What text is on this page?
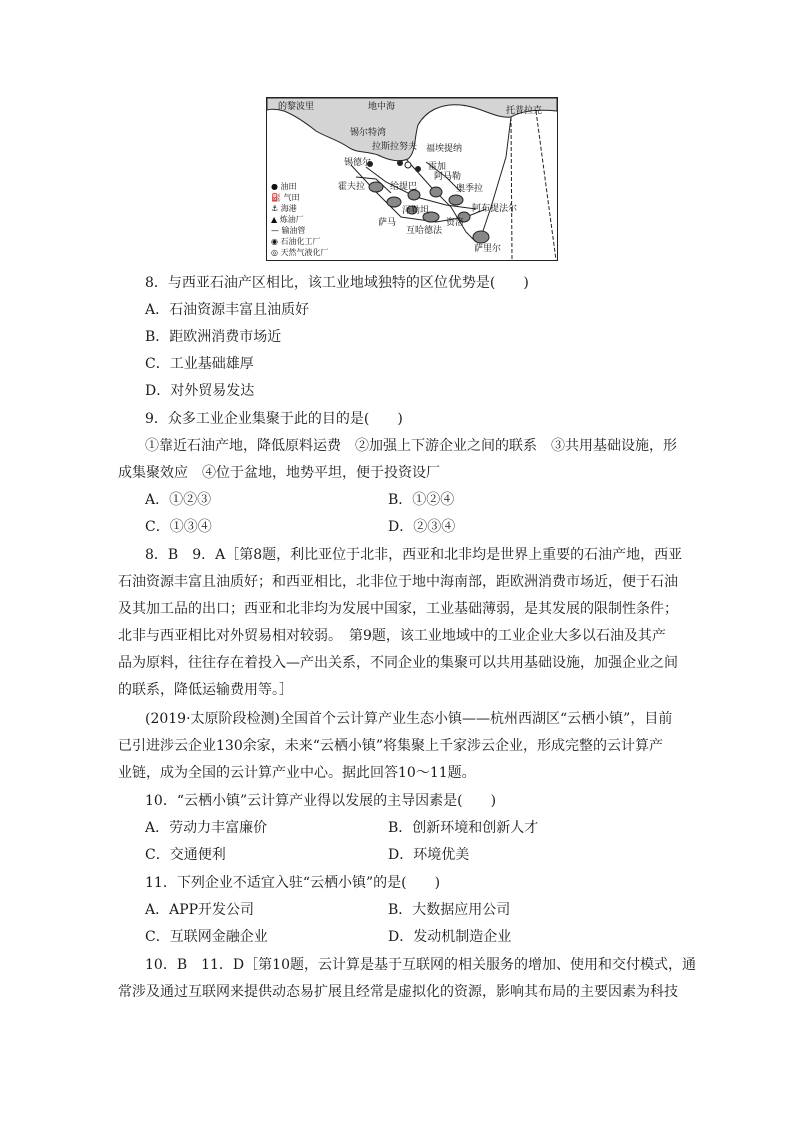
的黎波里	地中海	托普拉克
锡尔特湾
拉斯拉努夫
锡德尔
福埃提纳
雷加
阿马勒
奥季拉
霍夫拉	给提巴
泽勒坦	阿布提法尔
萨马	资洛
互哈德法
萨里尔
● 油田
⛽ 气田
⚓ 海港
▲ 炼油厂
— 输油管
◉ 石油化工厂
◎ 天然气液化厂
8．与西亚石油产区相比，该工业地域独特的区位优势是(　　)
A．石油资源丰富且油质好
B．距欧洲消费市场近
C．工业基础雄厚
D．对外贸易发达
9．众多工业企业集聚于此的目的是(　　)
①靠近石油产地，降低原料运费　②加强上下游企业之间的联系　③共用基础设施，形
成集聚效应　④位于盆地，地势平坦，便于投资设厂
A．①②③	B．①②④
C．①③④	D．②③④
8．B　9．A［第8题，利比亚位于北非，西亚和北非均是世界上重要的石油产地，西亚
石油资源丰富且油质好；和西亚相比，北非位于地中海南部，距欧洲消费市场近，便于石油
及其加工品的出口；西亚和北非均为发展中国家，工业基础薄弱，是其发展的限制性条件；
北非与西亚相比对外贸易相对较弱。　第9题，该工业地域中的工业企业大多以石油及其产
品为原料，往往存在着投入—产出关系，不同企业的集聚可以共用基础设施，加强企业之间
的联系，降低运输费用等。］
(2019·太原阶段检测)全国首个云计算产业生态小镇——杭州西湖区“云栖小镇”，目前
已引进涉云企业130余家，未来“云栖小镇”将集聚上千家涉云企业，形成完整的云计算产
业链，成为全国的云计算产业中心。据此回答10～11题。
10．“云栖小镇”云计算产业得以发展的主导因素是(　　)
A．劳动力丰富廉价	B．创新环境和创新人才
C．交通便利	D．环境优美
11．下列企业不适宜入驻“云栖小镇”的是(　　)
A．APP开发公司	B．大数据应用公司
C．互联网金融企业	D．发动机制造企业
10．B　11．D［第10题，云计算是基于互联网的相关服务的增加、使用和交付模式，通
常涉及通过互联网来提供动态易扩展且经常是虚拟化的资源，影响其布局的主要因素为科技
